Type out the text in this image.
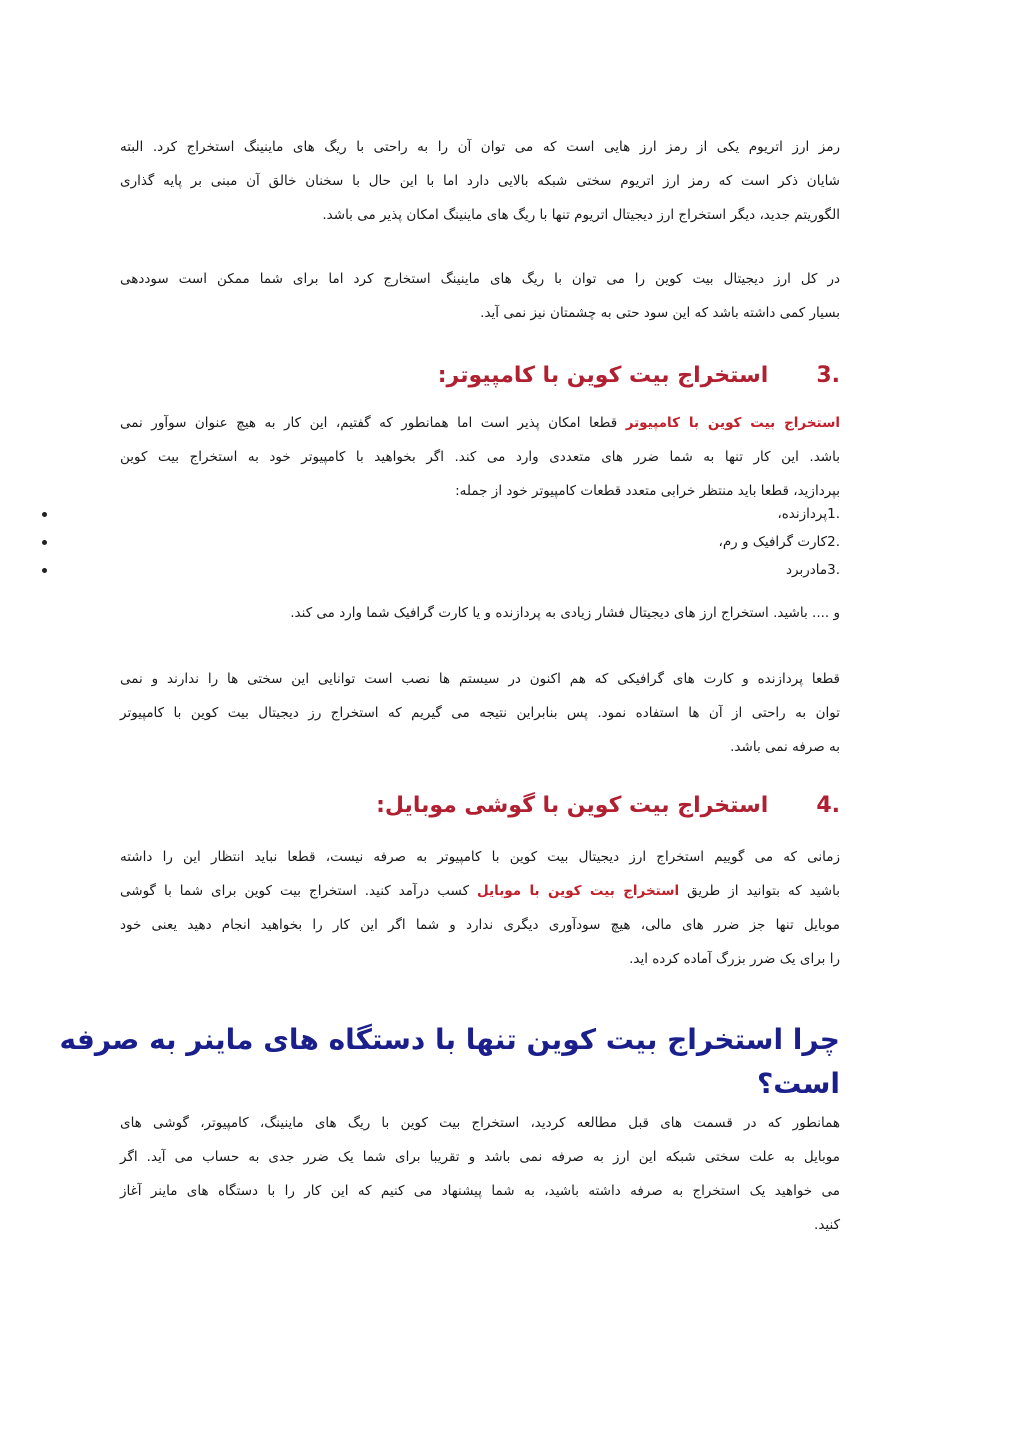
رمز ارز اتریوم یکی از رمز ارز هایی است که می توان آن را به راحتی با ریگ های ماینینگ استخراج کرد. البته
شایان ذکر است که رمز ارز اتریوم سختی شبکه بالایی دارد اما با این حال با سخنان خالق آن مبنی بر پایه گذاری
الگوریتم جدید، دیگر استخراج ارز دیجیتال اتریوم تنها با ریگ های ماینینگ امکان پذیر می باشد.
در کل ارز دیجیتال بیت کوین را می توان با ریگ های ماینینگ استخارج کرد اما برای شما ممکن است سوددهی
بسیار کمی داشته باشد که این سود حتی به چشمتان نیز نمی آید.
.3استخراج بیت کوین با کامپیوتر:
استخراج بیت کوین با کامپیوتر قطعا امکان پذیر است اما همانطور که گفتیم، این کار به هیچ عنوان سوآور نمی
باشد. این کار تنها به شما ضرر های متعددی وارد می کند. اگر بخواهید با کامپیوتر خود به استخراج بیت کوین
بپردازید، قطعا باید منتظر خرابی متعدد قطعات کامپیوتر خود از جمله:
.1پردازنده،
.2کارت گرافیک و رم،
.3مادربرد
و .... باشید. استخراج ارز های دیجیتال فشار زیادی به پردازنده و یا کارت گرافیک شما وارد می کند.
قطعا پردازنده و کارت های گرافیکی که هم اکنون در سیستم ها نصب است توانایی این سختی ها را ندارند و نمی
توان به راحتی از آن ها استفاده نمود. پس بنابراین نتیجه می گیریم که استخراج رز دیجیتال بیت کوین با کامپیوتر
به صرفه نمی باشد.
.4استخراج بیت کوین با گوشی موبایل:
زمانی که می گوییم استخراج ارز دیجیتال بیت کوین با کامپیوتر به صرفه نیست، قطعا نباید انتظار این را داشته
باشید که بتوانید از طریق استخراج بیت کوین با موبایل کسب درآمد کنید. استخراج بیت کوین برای شما با گوشی
موبایل تنها جز ضرر های مالی، هیچ سودآوری دیگری ندارد و شما اگر این کار را بخواهید انجام دهید یعنی خود
را برای یک ضرر بزرگ آماده کرده اید.
چرا استخراج بیت کوین تنها با دستگاه های ماینر به صرفه
است؟
همانطور که در قسمت های قبل مطالعه کردید، استخراج بیت کوین با ریگ های ماینینگ، کامپیوتر، گوشی های
موبایل به علت سختی شبکه این ارز به صرفه نمی باشد و تقریبا برای شما یک ضرر جدی به حساب می آید. اگر
می خواهید یک استخراج به صرفه داشته باشید، به شما پیشنهاد می کنیم که این کار را با دستگاه های ماینر آغاز
کنید.
